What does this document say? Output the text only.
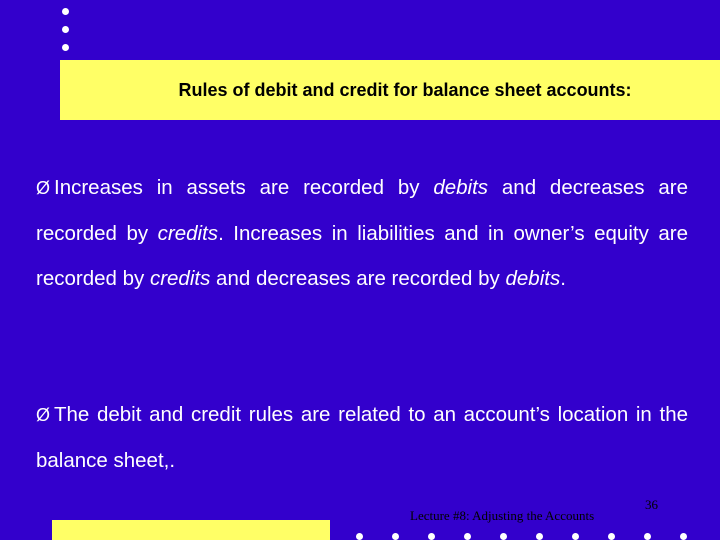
Rules of debit and credit for balance sheet accounts:
Ø Increases in assets are recorded by debits and decreases are recorded by credits. Increases in liabilities and in owner’s equity are recorded by credits and decreases are recorded by debits.
Ø The debit and credit rules are related to an account’s location in the balance sheet,.
Lecture #8: Adjusting the Accounts
36
